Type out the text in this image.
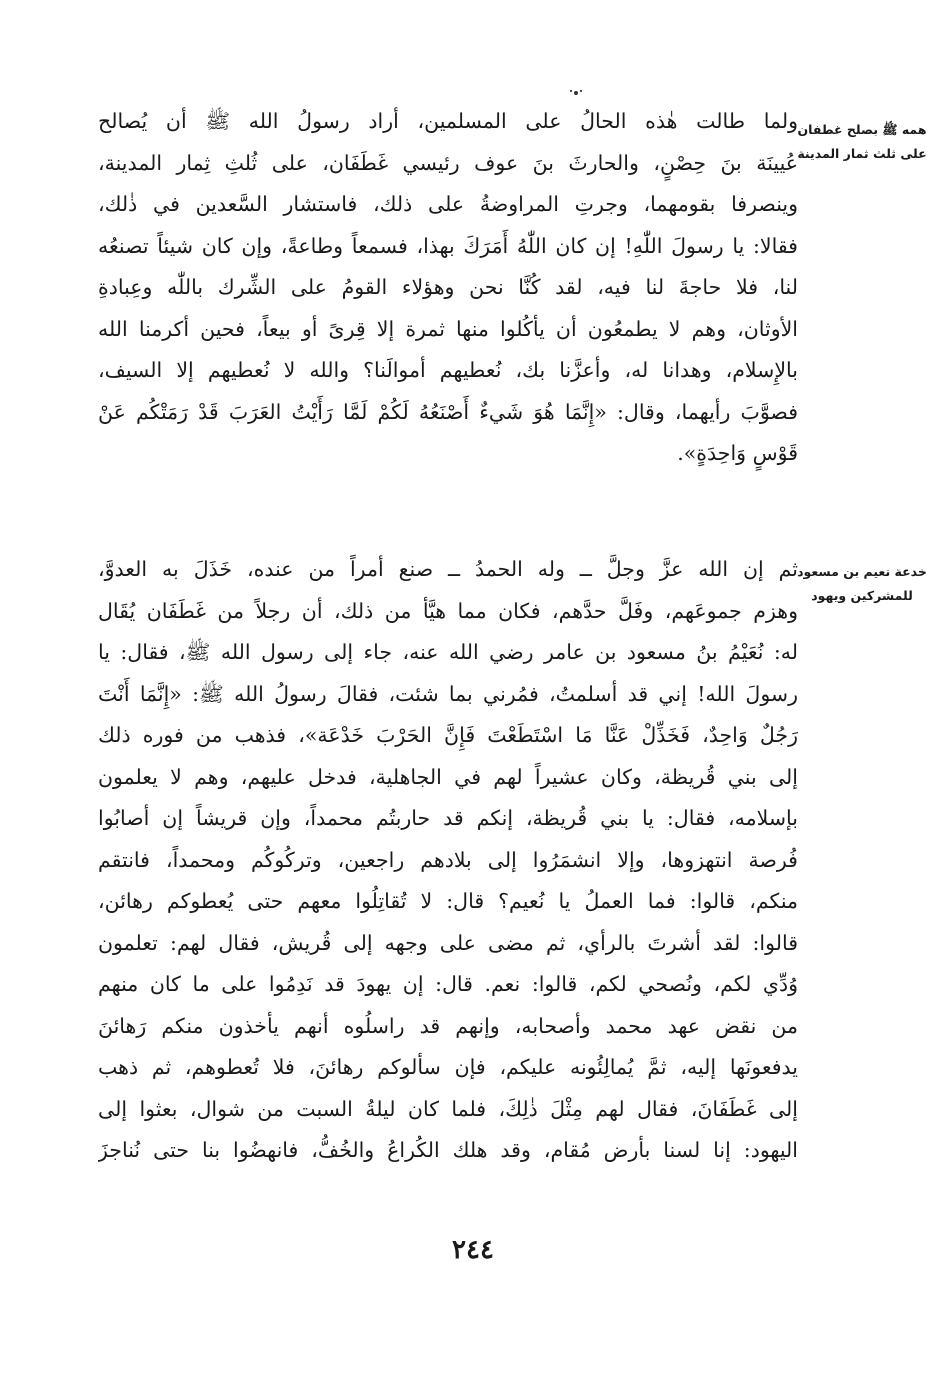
همه ﷺ بصلح غطفان
على ثلث ثمار المدينة
خدعة نعيم بن مسعود
للمشركين ويهود
ولما طالت هٰذه الحالُ على المسلمين، أراد رسولُ الله ﷺ أن يُصالح
عُيينَة بنَ حِصْنٍ، والحارثَ بنَ عوف رئيسي غَطَفَان، على ثُلثِ ثِمار المدينة،
وينصرفا بقومهما، وجرتِ المراوضةُ على ذلك، فاستشار السَّعدين في ذٰلك،
فقالا: يا رسولَ اللّٰهِ! إن كان اللّٰهُ أَمَرَكَ بهذا، فسمعاً وطاعةً، وإن كان شيئاً تصنعُه
لنا، فلا حاجةَ لنا فيه، لقد كُنَّا نحن وهؤلاء القومُ على الشِّرك باللّٰه وعِبادةِ
الأوثان، وهم لا يطمعُون أن يأكُلوا منها ثمرة إلا قِرىً أو بيعاً، فحين أكرمنا الله
بالإِسلام، وهدانا له، وأعزَّنا بك، نُعطيهم أموالَنا؟ والله لا نُعطيهم إلا السيف،
فصوَّبَ رأيهما، وقال: «إِنَّمَا هُوَ شَيءٌ أَصْنَعُهُ لَكُمْ لَمَّا رَأَيْتُ العَرَبَ قَدْ رَمَتْكُم عَنْ
قَوْسٍ وَاحِدَةٍ».
ثم إن الله عزَّ وجلَّ ــ وله الحمدُ ــ صنع أمراً من عنده، خَذَلَ به العدوَّ،
وهزم جموعَهم، وفَلَّ حدَّهم، فكان مما هيَّأ من ذلك، أن رجلاً من غَطَفَان يُقَال
له: نُعَيْمُ بنُ مسعود بن عامر رضي الله عنه، جاء إلى رسول الله ﷺ، فقال: يا
رسولَ الله! إني قد أسلمتُ، فمُرني بما شئت، فقالَ رسولُ الله ﷺ: «إِنَّمَا أَنْتَ
رَجُلٌ وَاحِدٌ، فَخَذِّلْ عَنَّا مَا اسْتَطَعْتَ فَإِنَّ الحَرْبَ خَدْعَة»، فذهب من فوره ذلك
إلى بني قُريظة، وكان عشيراً لهم في الجاهلية، فدخل عليهم، وهم لا يعلمون
بإسلامه، فقال: يا بني قُريظة، إنكم قد حاربتُم محمداً، وإن قريشاً إن أصابُوا
فُرصة انتهزوها، وإلا انشمَرُوا إلى بلادهم راجعين، وتركُوكُم ومحمداً، فانتقم
منكم، قالوا: فما العملُ يا نُعيم؟ قال: لا تُقاتِلُوا معهم حتى يُعطوكم رهائن،
قالوا: لقد أشرتَ بالرأي، ثم مضى على وجهه إلى قُريش، فقال لهم: تعلمون
وُدِّي لكم، ونُصحي لكم، قالوا: نعم. قال: إن يهودَ قد نَدِمُوا على ما كان منهم
من نقض عهد محمد وأصحابه، وإنهم قد راسلُوه أنهم يأخذون منكم رَهائنَ
يدفعونَها إليه، ثمَّ يُمالِئُونه عليكم، فإن سألوكم رهائنَ، فلا تُعطوهم، ثم ذهب
إلى غَطَفَانَ، فقال لهم مِثْلَ ذٰلِكَ، فلما كان ليلةُ السبت من شوال، بعثوا إلى
اليهود: إنا لسنا بأرض مُقام، وقد هلك الكُراعُ والخُفُّ، فانهضُوا بنا حتى نُناجزَ
٢٤٤
